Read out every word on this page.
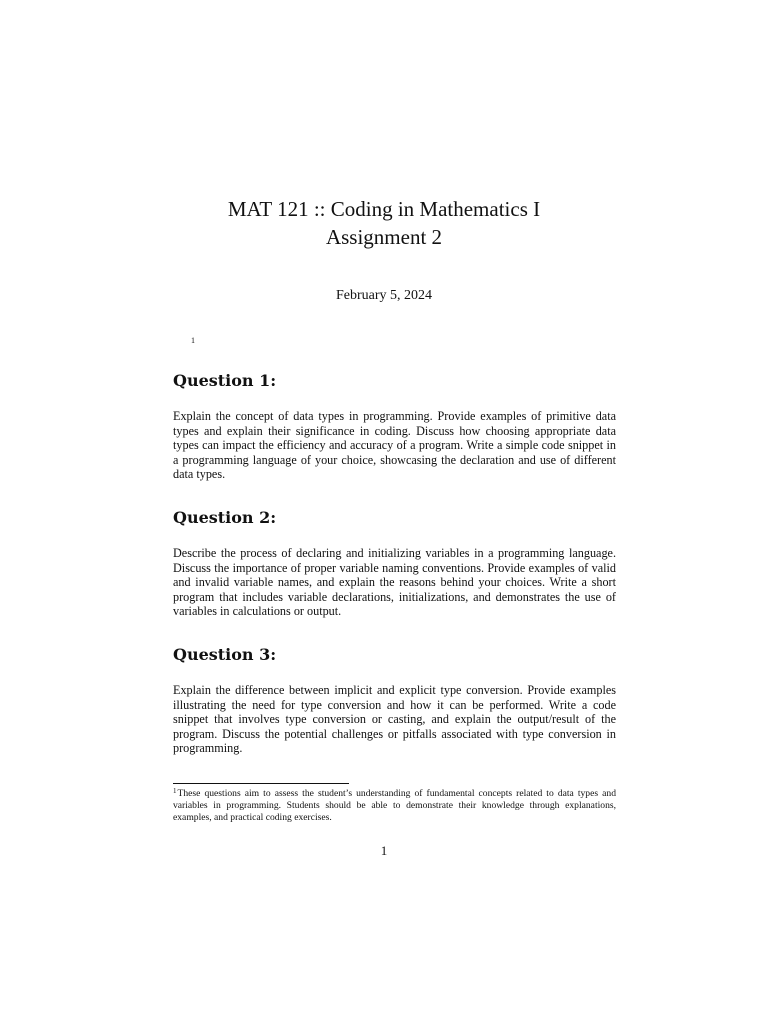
MAT 121 :: Coding in Mathematics I
Assignment 2
February 5, 2024
1
Question 1:

Explain the concept of data types in programming. Provide examples of primitive data types and explain their significance in coding. Discuss how choosing appropriate data types can impact the efficiency and accuracy of a program. Write a simple code snippet in a programming language of your choice, showcasing the declaration and use of different data types.

Question 2:

Describe the process of declaring and initializing variables in a programming language. Discuss the importance of proper variable naming conventions. Provide examples of valid and invalid variable names, and explain the reasons behind your choices. Write a short program that includes variable declarations, initializations, and demonstrates the use of variables in calculations or output.

Question 3:

Explain the difference between implicit and explicit type conversion. Provide examples illustrating the need for type conversion and how it can be performed. Write a code snippet that involves type conversion or casting, and explain the output/result of the program. Discuss the potential challenges or pitfalls associated with type conversion in programming.

$^1$These questions aim to assess the student’s understanding of fundamental concepts related to data types and variables in programming. Students should be able to demonstrate their knowledge through explanations, examples, and practical coding exercises.
1
